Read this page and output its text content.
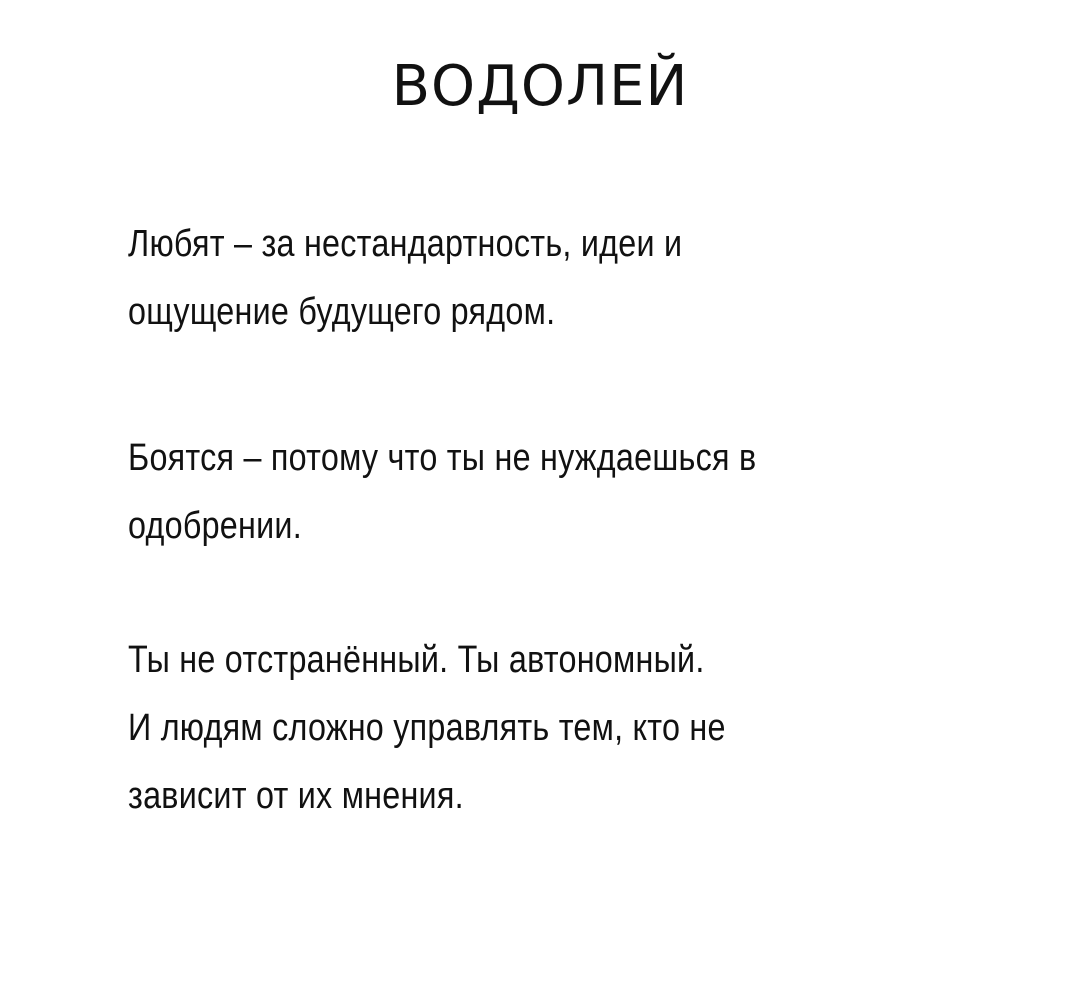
ВОДОЛЕЙ

Любят – за нестандартность, идеи и
ощущение будущего рядом.

Боятся – потому что ты не нуждаешься в
одобрении.

Ты не отстранённый. Ты автономный.
И людям сложно управлять тем, кто не
зависит от их мнения.
